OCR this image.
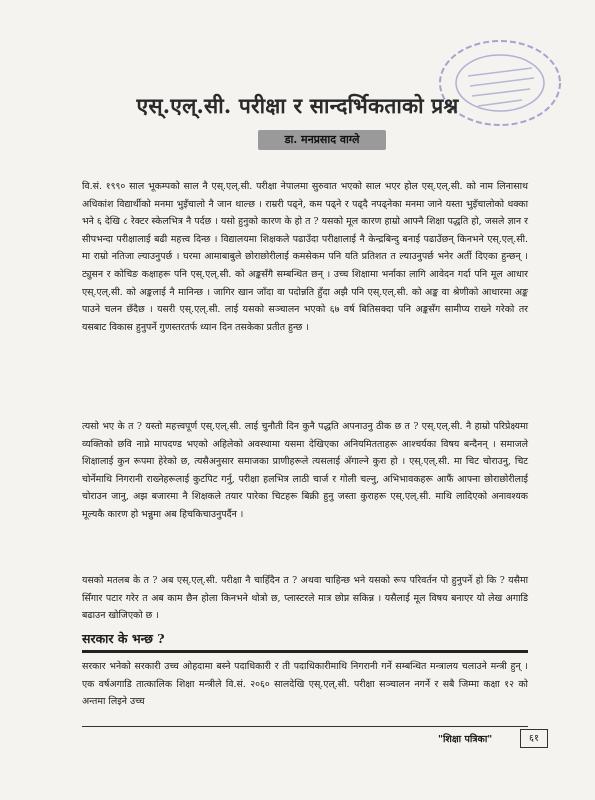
एस्.एल्.सी. परीक्षा र सान्दर्भिकताको प्रश्न
डा. मनप्रसाद वाग्ले

वि.सं. १९९० साल भूकम्पको साल नै एस्.एल्.सी. परीक्षा नेपालमा सुरुवात भएको साल भएर होल एस्.एल्.सी. को नाम लिनासाथ अधिकांश विद्यार्थीको मनमा भुइँचालो नै जान थाल्छ । राम्ररी पढ्ने, कम पढ्ने र पढ्दै नपढ्नेका मनमा जाने यस्ता भुइँचालोको धक्का भने ६ देखि ८ रेक्टर स्केलभित्र नै पर्दछ । यसो हुनुको कारण के हो त ? यसको मूल कारण हाम्रो आफ्नै शिक्षा पद्धति हो, जसले ज्ञान र सीपभन्दा परीक्षालाई बढी महत्त्व दिन्छ । विद्यालयमा शिक्षकले पढाउँदा परीक्षालाई नै केन्द्रबिन्दु बनाई पढाउँछन् किनभने एस्.एल्.सी. मा राम्रो नतिजा ल्याउनुपर्छ । घरमा आमाबाबुले छोराछोरीलाई कमसेकम पनि यति प्रतिशत त ल्याउनुपर्छ भनेर अर्ती दिएका हुन्छन् । ट्युसन र कोचिङ कक्षाहरू पनि एस्.एल्.सी. को अङ्कसँगै सम्बन्धित छन् । उच्च शिक्षामा भर्नाका लागि आवेदन गर्दा पनि मूल आधार एस्.एल्.सी. को अङ्कलाई नै मानिन्छ । जागिर खान जाँदा वा पदोन्नति हुँदा अझै पनि एस्.एल्.सी. को अङ्क वा श्रेणीको आधारमा अङ्क पाउने चलन छँदैछ । यसरी एस्.एल्.सी. लाई यसको सञ्चालन भएको ६७ वर्ष बितिसक्दा पनि अङ्कसँग सामीप्य राख्ने गरेको तर यसबाट विकास हुनुपर्ने गुणस्तरतर्फ ध्यान दिन तसकेका प्रतीत हुन्छ ।

त्यसो भए के त ? यस्तो महत्त्वपूर्ण एस्.एल्.सी. लाई चुनौती दिन कुनै पद्धति अपनाउनु ठीक छ त ? एस्.एल्.सी. नै हाम्रो परिप्रेक्ष्यमा व्यक्तिको छवि नाप्ने मापदण्ड भएको अहिलेको अवस्थामा यसमा देखिएका अनियमितताहरू आश्चर्यका विषय बन्दैनन् । समाजले शिक्षालाई कुन रूपमा हेरेको छ, त्यसैअनुसार समाजका प्राणीहरूले त्यसलाई अँगाल्ने कुरा हो । एस्.एल्.सी. मा चिट चोराउनु, चिट चोर्नेमाथि निगरानी राख्नेहरूलाई कुटपिट गर्नु, परीक्षा हलभित्र लाठी चार्ज र गोली चल्नु, अभिभावकहरू आफैं आफ्ना छोराछोरीलाई चोराउन जानु, अझ बजारमा नै शिक्षकले तयार पारेका चिटहरू बिक्री हुनु जस्ता कुराहरू एस्.एल्.सी. माथि लादिएको अनावश्यक मूल्यकै कारण हो भन्नुमा अब हिचकिचाउनुपर्दैन ।

यसको मतलब के त ? अब एस्.एल्.सी. परीक्षा नै चाहिँदैन त ? अथवा चाहिन्छ भने यसको रूप परिवर्तन पो हुनुपर्ने हो कि ? यसैमा सिँगार पटार गरेर त अब काम छैन होला किनभने थोत्रो छ, प्लास्टरले मात्र छोप्न सकिन्न । यसैलाई मूल विषय बनाएर यो लेख अगाडि बढाउन खोजिएको छ ।

सरकार के भन्छ ?

सरकार भनेको सरकारी उच्च ओहदामा बस्ने पदाधिकारी र ती पदाधिकारीमाथि निगरानी गर्ने सम्बन्धित मन्त्रालय चलाउने मन्त्री हुन् । एक वर्षअगाडि तात्कालिक शिक्षा मन्त्रीले वि.सं. २०६० सालदेखि एस्.एल्.सी. परीक्षा सञ्चालन नगर्ने र सबै जिम्मा कक्षा १२ को अन्तमा लिइने उच्च

"शिक्षा पत्रिका"	६१
